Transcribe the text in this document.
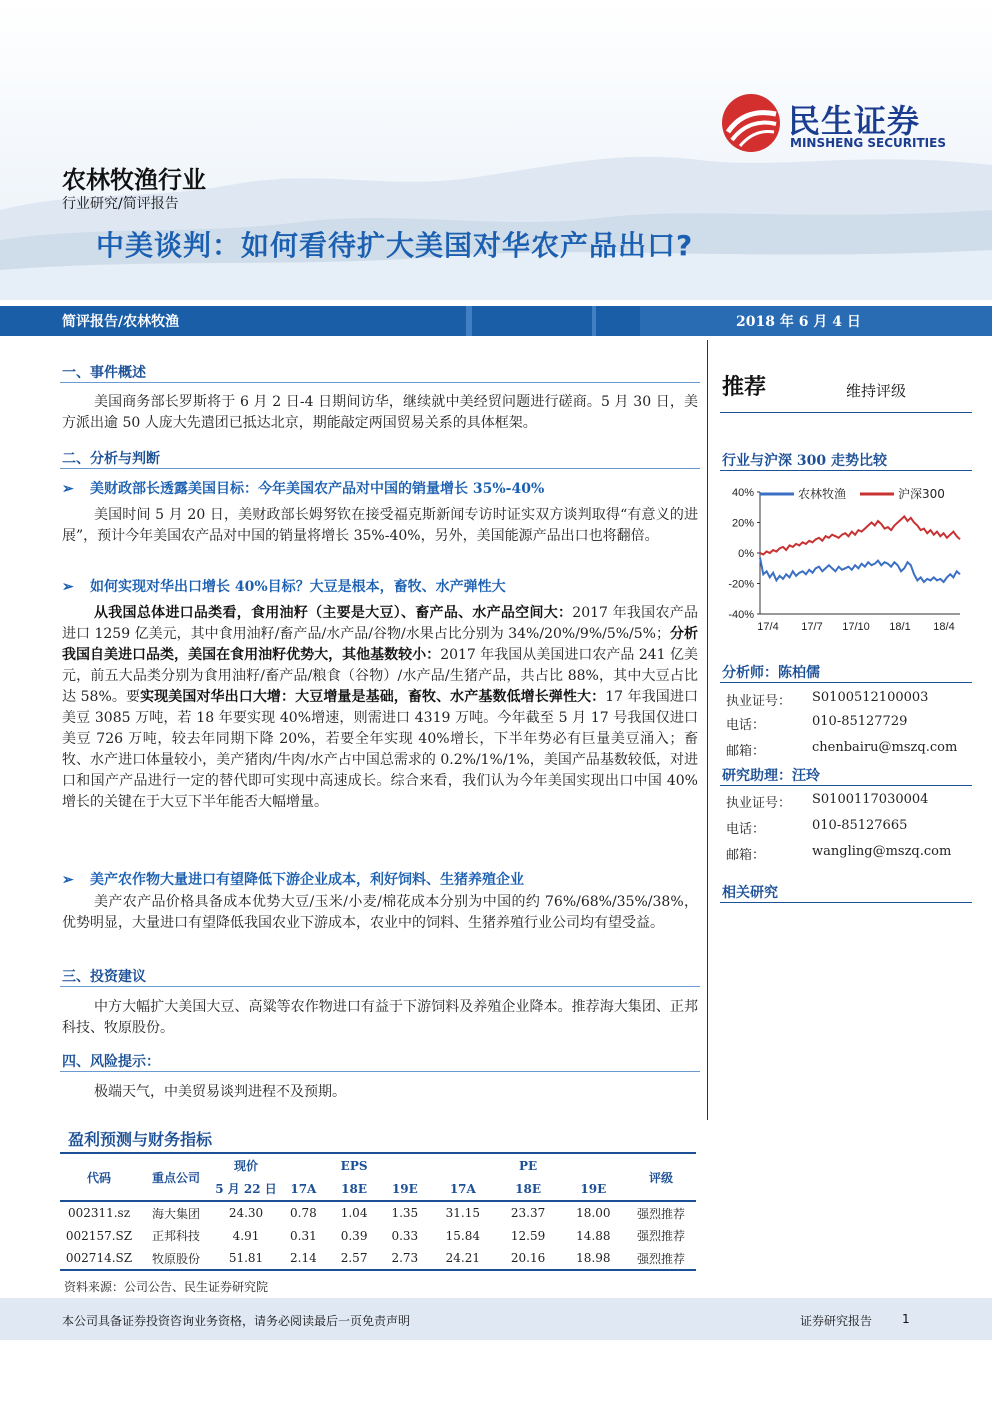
民生证券
MINSHENG SECURITIES
农林牧渔行业
行业研究/简评报告
中美谈判：如何看待扩大美国对华农产品出口?
简评报告/农林牧渔	2018 年 6 月 4 日
一、事件概述
美国商务部长罗斯将于 6 月 2 日-4 日期间访华，继续就中美经贸问题进行磋商。5 月 30 日，美方派出逾 50 人庞大先遣团已抵达北京，期能敲定两国贸易关系的具体框架。
二、分析与判断
➢ 美财政部长透露美国目标：今年美国农产品对中国的销量增长 35%-40%
美国时间 5 月 20 日，美财政部长姆努钦在接受福克斯新闻专访时证实双方谈判取得“有意义的进展”，预计今年美国农产品对中国的销量将增长 35%-40%，另外，美国能源产品出口也将翻倍。
➢ 如何实现对华出口增长 40%目标？大豆是根本，畜牧、水产弹性大
从我国总体进口品类看，食用油籽（主要是大豆）、畜产品、水产品空间大：2017 年我国农产品进口 1259 亿美元，其中食用油籽/畜产品/水产品/谷物/水果占比分别为 34%/20%/9%/5%/5%；分析我国自美进口品类，美国在食用油籽优势大，其他基数较小：2017 年我国从美国进口农产品 241 亿美元，前五大品类分别为食用油籽/畜产品/粮食（谷物）/水产品/生猪产品，共占比 88%，其中大豆占比达 58%。要实现美国对华出口大增：大豆增量是基础，畜牧、水产基数低增长弹性大：17 年我国进口美豆 3085 万吨，若 18 年要实现 40%增速，则需进口 4319 万吨。今年截至 5 月 17 号我国仅进口美豆 726 万吨，较去年同期下降 20%，若要全年实现 40%增长，下半年势必有巨量美豆涌入；畜牧、水产进口体量较小，美产猪肉/牛肉/水产占中国总需求的 0.2%/1%/1%，美国产品基数较低，对进口和国产产品进行一定的替代即可实现中高速成长。综合来看，我们认为今年美国实现出口中国 40%增长的关键在于大豆下半年能否大幅增量。
➢ 美产农作物大量进口有望降低下游企业成本，利好饲料、生猪养殖企业
美产农产品价格具备成本优势大豆/玉米/小麦/棉花成本分别为中国的约 76%/68%/35%/38%，优势明显，大量进口有望降低我国农业下游成本，农业中的饲料、生猪养殖行业公司均有望受益。
三、投资建议
中方大幅扩大美国大豆、高粱等农作物进口有益于下游饲料及养殖企业降本。推荐海大集团、正邦科技、牧原股份。
四、风险提示：
极端天气，中美贸易谈判进程不及预期。
推荐	维持评级
行业与沪深 300 走势比较
40%
20%
0%
-20%
-40%
17/4 17/7 17/10 18/1 18/4
农林牧渔	沪深300
分析师：陈柏儒
执业证号： S0100512100003
电话：	010-85127729
邮箱：	chenbairu@mszq.com
研究助理：汪玲
执业证号： S0100117030004
电话：	010-85127665
邮箱：	wangling@mszq.com
相关研究
盈利预测与财务指标
代码	重点公司	现价	EPS			PE			评级
		5 月 22 日	17A	18E	19E	17A	18E	19E	
002311.sz	海大集团	24.30	0.78	1.04	1.35	31.15	23.37	18.00	强烈推荐
002157.SZ	正邦科技	4.91	0.31	0.39	0.33	15.84	12.59	14.88	强烈推荐
002714.SZ	牧原股份	51.81	2.14	2.57	2.73	24.21	20.16	18.98	强烈推荐
资料来源：公司公告、民生证券研究院
本公司具备证券投资咨询业务资格，请务必阅读最后一页免责声明	证券研究报告 1
